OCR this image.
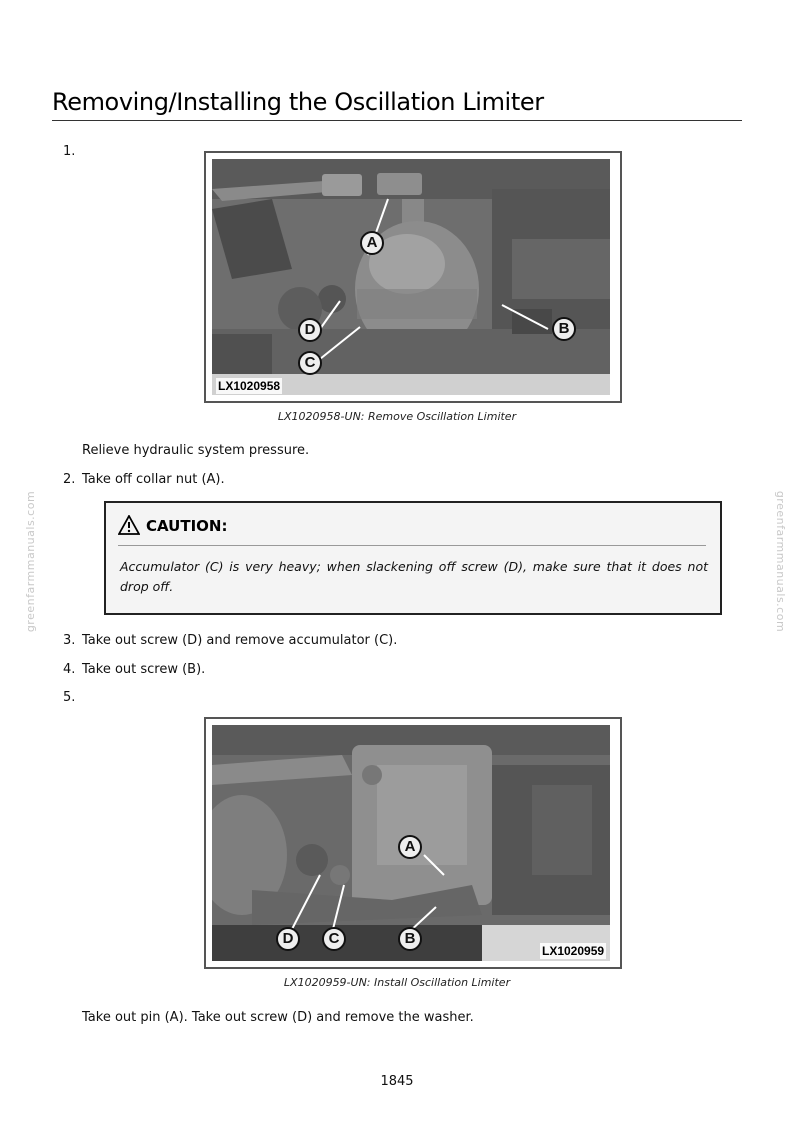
Removing/Installing the Oscillation Limiter
1.
A
B
C
D
LX1020958
LX1020958-UN: Remove Oscillation Limiter
Relieve hydraulic system pressure.
2. Take off collar nut (A).
CAUTION:
Accumulator (C) is very heavy; when slackening off screw (D), make sure that it does not drop off.
3. Take out screw (D) and remove accumulator (C).
4. Take out screw (B).
5.
A
B
C
D
LX1020959
LX1020959-UN: Install Oscillation Limiter
Take out pin (A). Take out screw (D) and remove the washer.
greenfarmmanuals.com	greenfarmmanuals.com
1845
